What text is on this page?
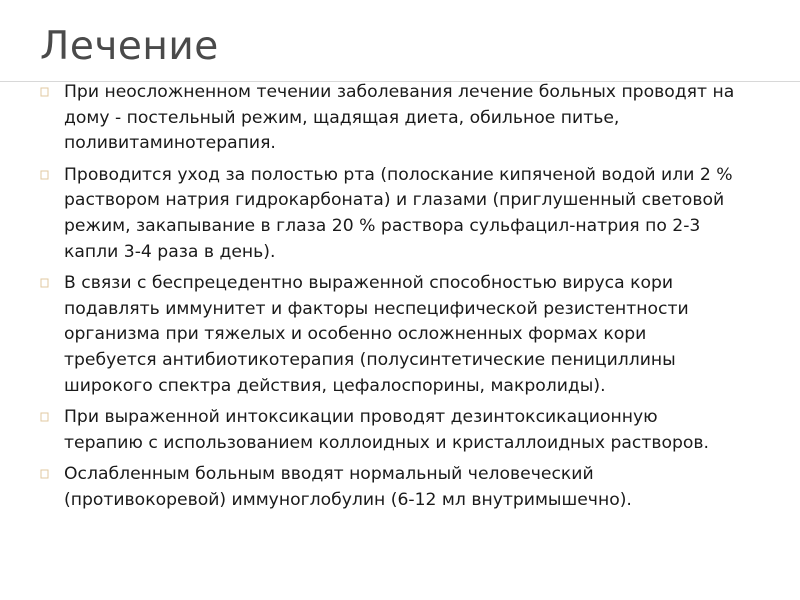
Лечение
При неосложненном течении заболевания лечение больных проводят на дому - постельный режим, щадящая диета, обильное питье, поливитаминотерапия.
Проводится уход за полостью рта (полоскание кипяченой водой или 2 % раствором натрия гидрокарбоната) и глазами (приглушенный световой режим, закапывание в глаза 20 % раствора сульфацил-натрия по 2-3 капли 3-4 раза в день).
В связи с беспрецедентно выраженной способностью вируса кори подавлять иммунитет и факторы неспецифической резистентности организма при тяжелых и особенно осложненных формах кори требуется антибиотикотерапия (полусинтетические пенициллины широкого спектра действия, цефалоспорины, макролиды).
При выраженной интоксикации проводят дезинтоксикационную терапию с использованием коллоидных и кристаллоидных растворов.
Ослабленным больным вводят нормальный человеческий (противокоревой) иммуноглобулин (6-12 мл внутримышечно).
